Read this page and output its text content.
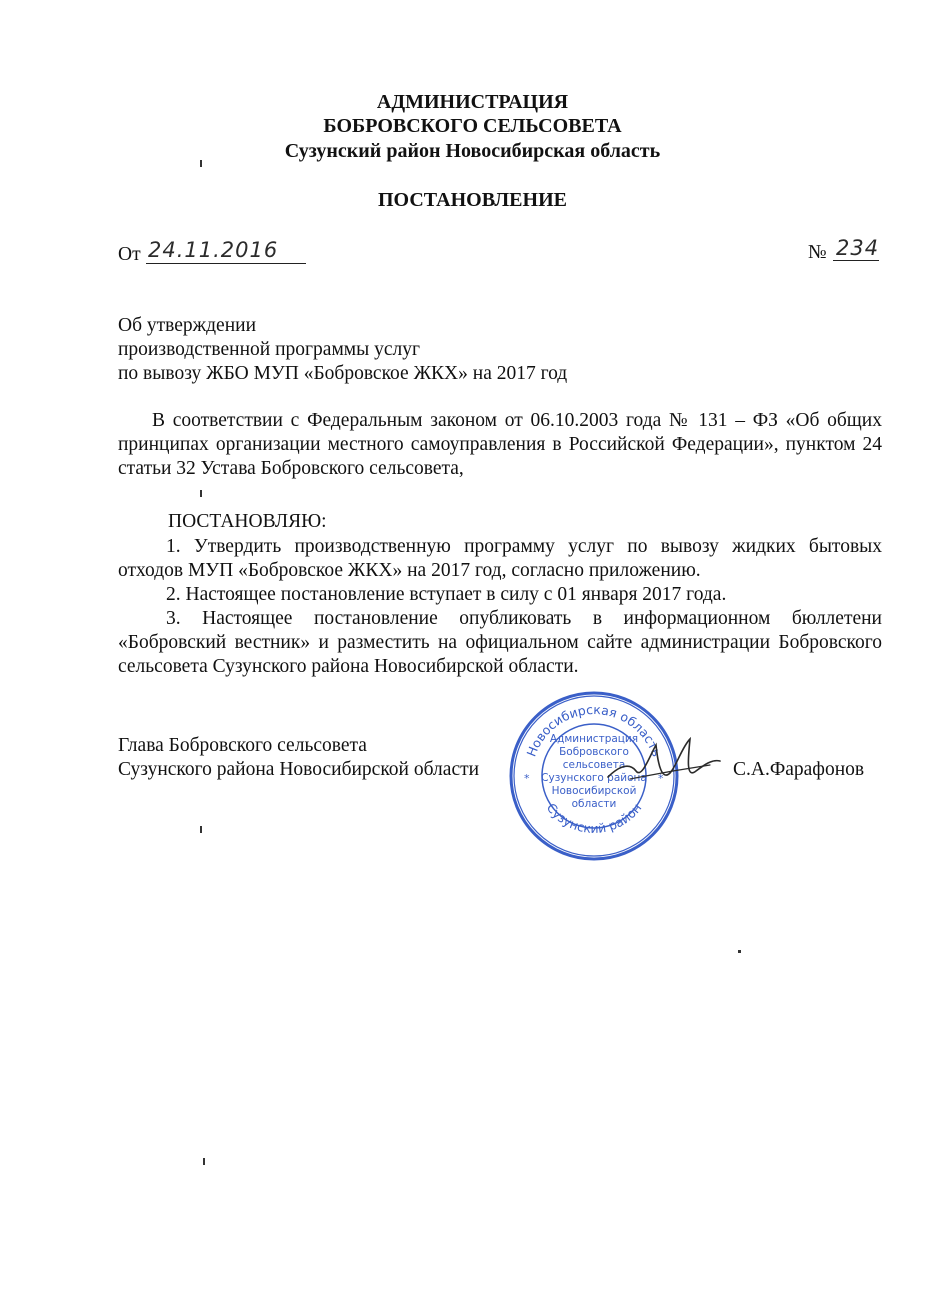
АДМИНИСТРАЦИЯ
БОБРОВСКОГО СЕЛЬСОВЕТА
Сузунский район Новосибирская область
ПОСТАНОВЛЕНИЕ
От 24.11.2016	№ 234
Об утверждении
производственной программы услуг
по вывозу ЖБО МУП «Бобровское ЖКХ» на 2017 год
В соответствии с Федеральным законом от 06.10.2003 года № 131 – ФЗ «Об общих принципах организации местного самоуправления в Российской Федерации», пунктом 24 статьи 32 Устава Бобровского сельсовета,
ПОСТАНОВЛЯЮ:
1. Утвердить производственную программу услуг по вывозу жидких бытовых отходов МУП «Бобровское ЖКХ» на 2017 год, согласно приложению.
2. Настоящее постановление вступает в силу с 01 января 2017 года.
3. Настоящее постановление опубликовать в информационном бюллетени «Бобровский вестник» и разместить на официальном сайте администрации Бобровского сельсовета Сузунского района Новосибирской области.
Глава Бобровского сельсовета
Сузунского района Новосибирской области	С.А.Фарафонов
Новосибирская область
Сузунский район
Администрация
Бобровского
сельсовета
Сузунского района
Новосибирской
области
*	*
